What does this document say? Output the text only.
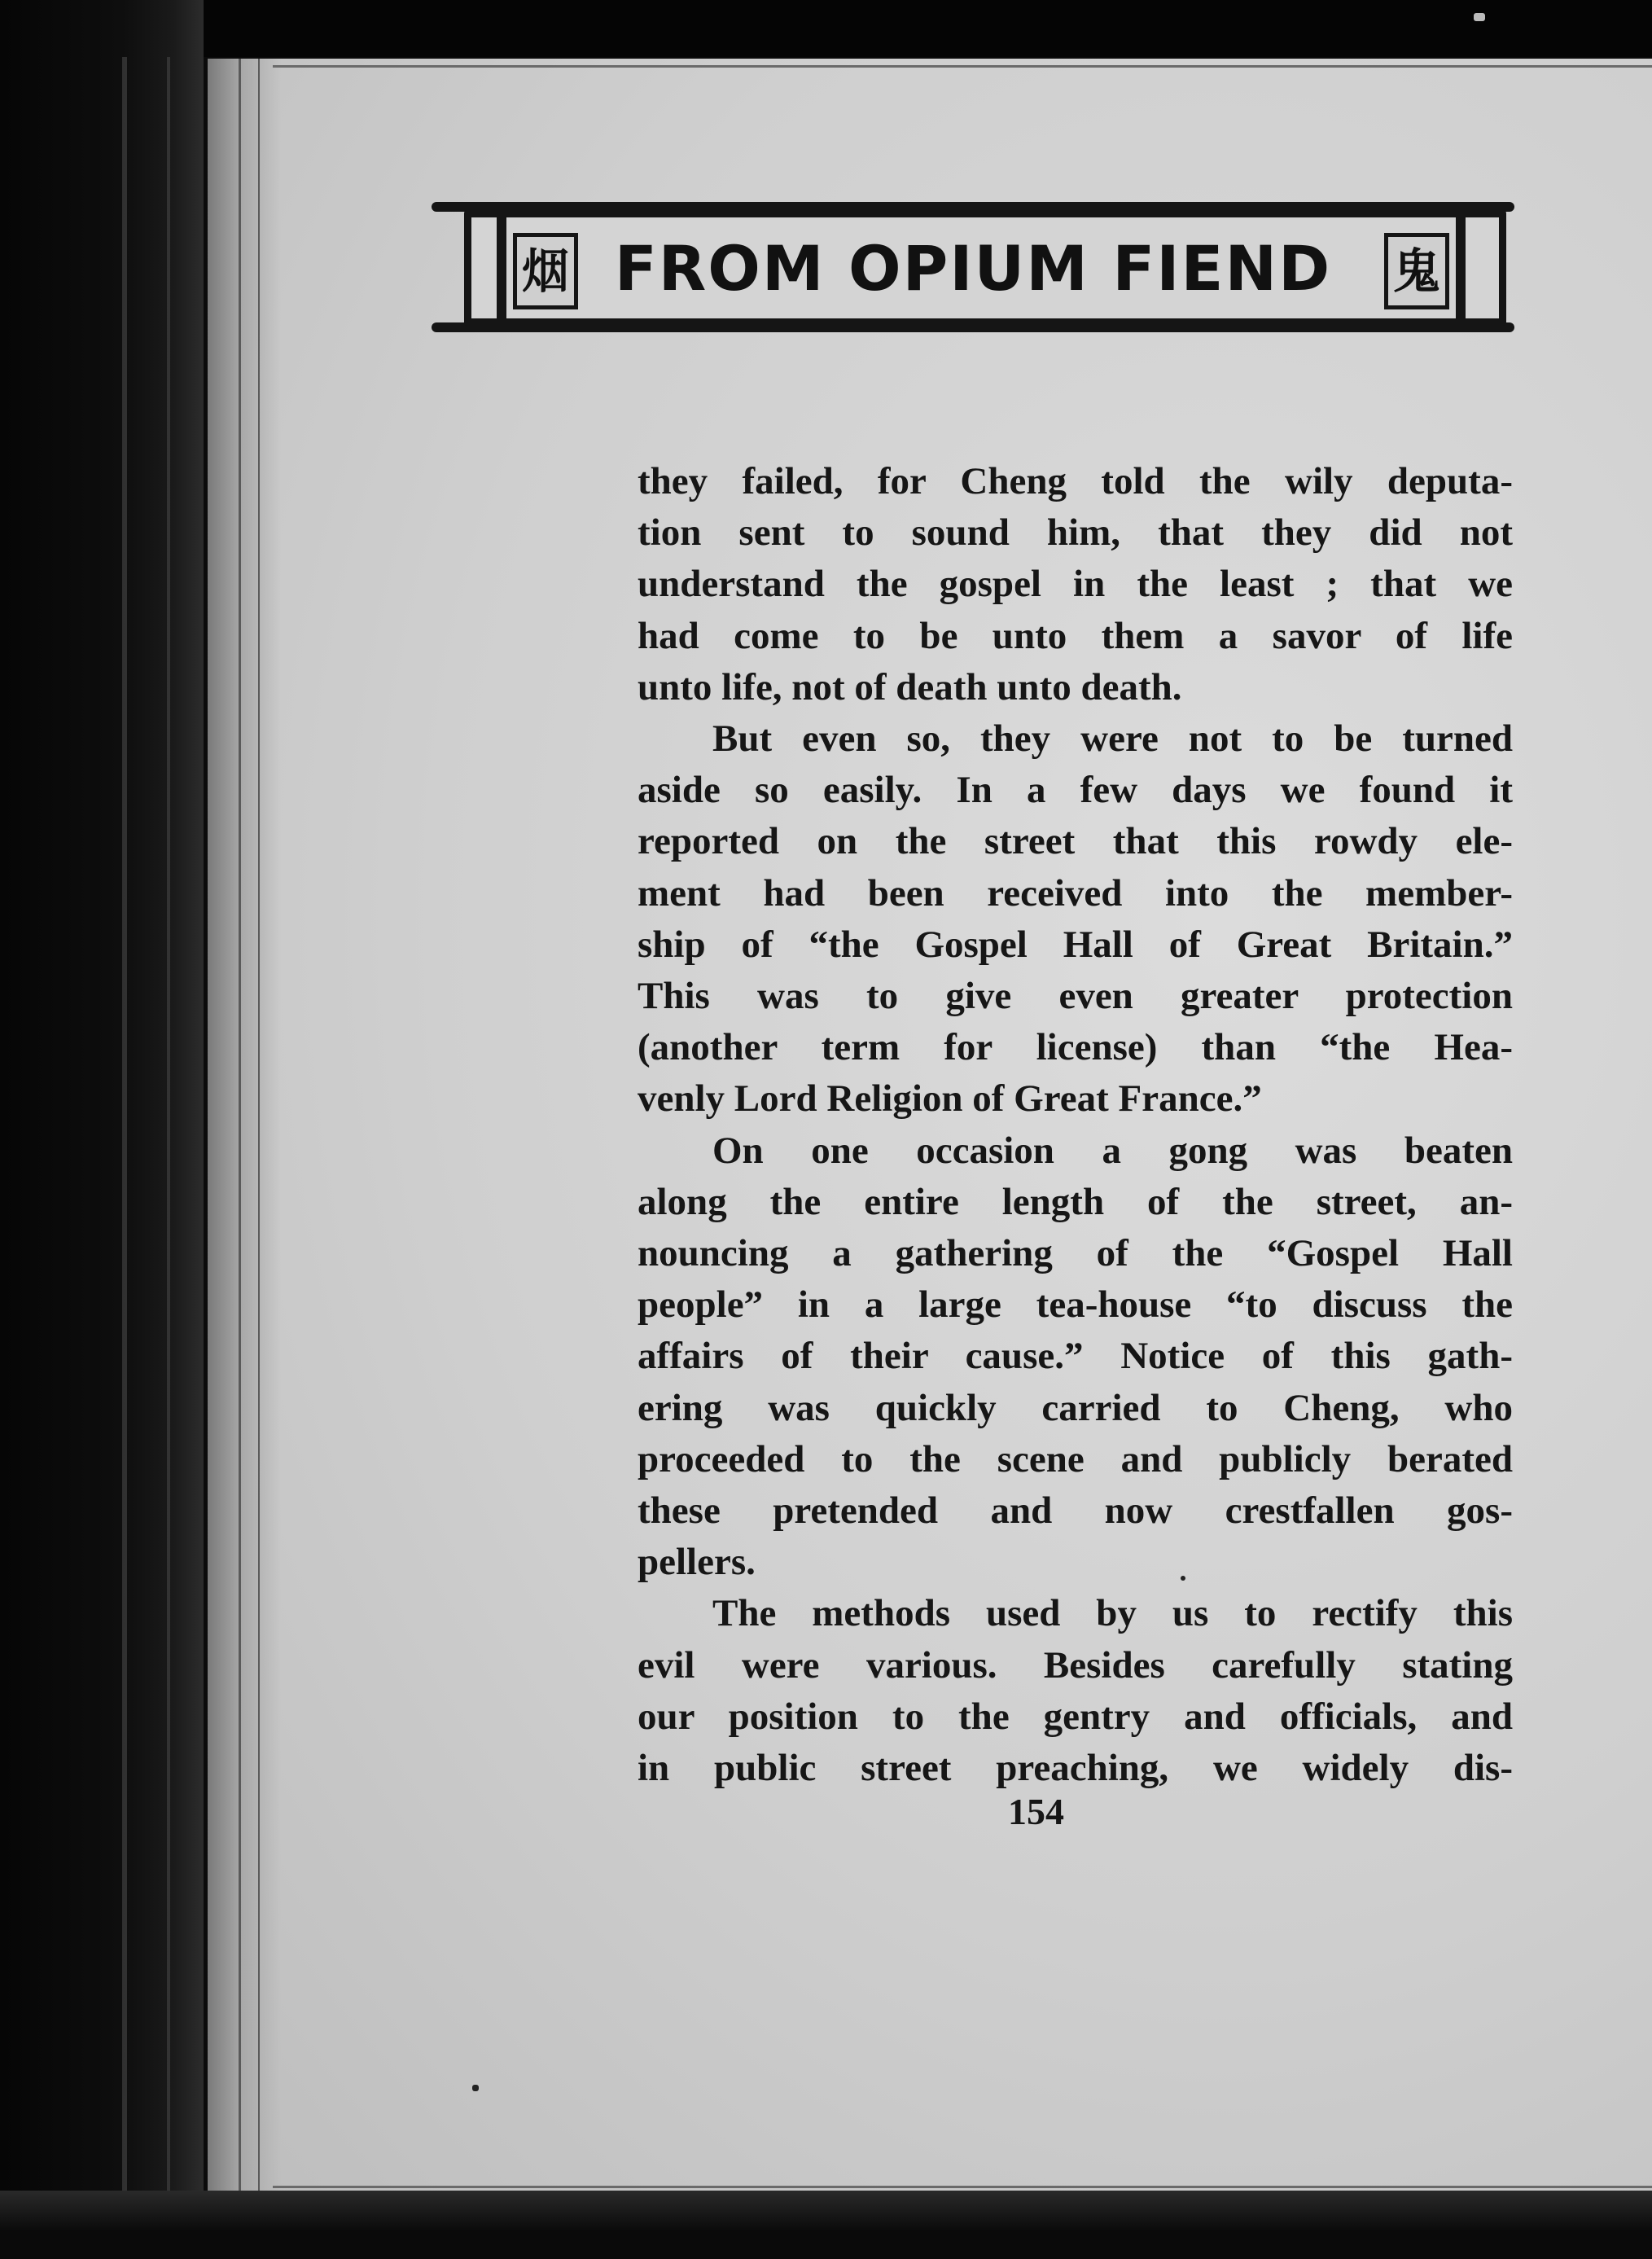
烟 FROM OPIUM FIEND	鬼
they failed, for Cheng told the wily deputa-
tion sent to sound him, that they did not
understand the gospel in the least ; that we
had come to be unto them a savor of life
unto life, not of death unto death.
But even so, they were not to be turned
aside so easily. In a few days we found it
reported on the street that this rowdy ele-
ment had been received into the member-
ship of “the Gospel Hall of Great Britain.”
This was to give even greater protection
(another term for license) than “the Hea-
venly Lord Religion of Great France.”
On one occasion a gong was beaten
along the entire length of the street, an-
nouncing a gathering of the “Gospel Hall
people” in a large tea-house “to discuss the
affairs of their cause.” Notice of this gath-
ering was quickly carried to Cheng, who
proceeded to the scene and publicly berated
these pretended and now crestfallen gos-
pellers.
The methods used by us to rectify this
evil were various. Besides carefully stating
our position to the gentry and officials, and
in public street preaching, we widely dis-
154
